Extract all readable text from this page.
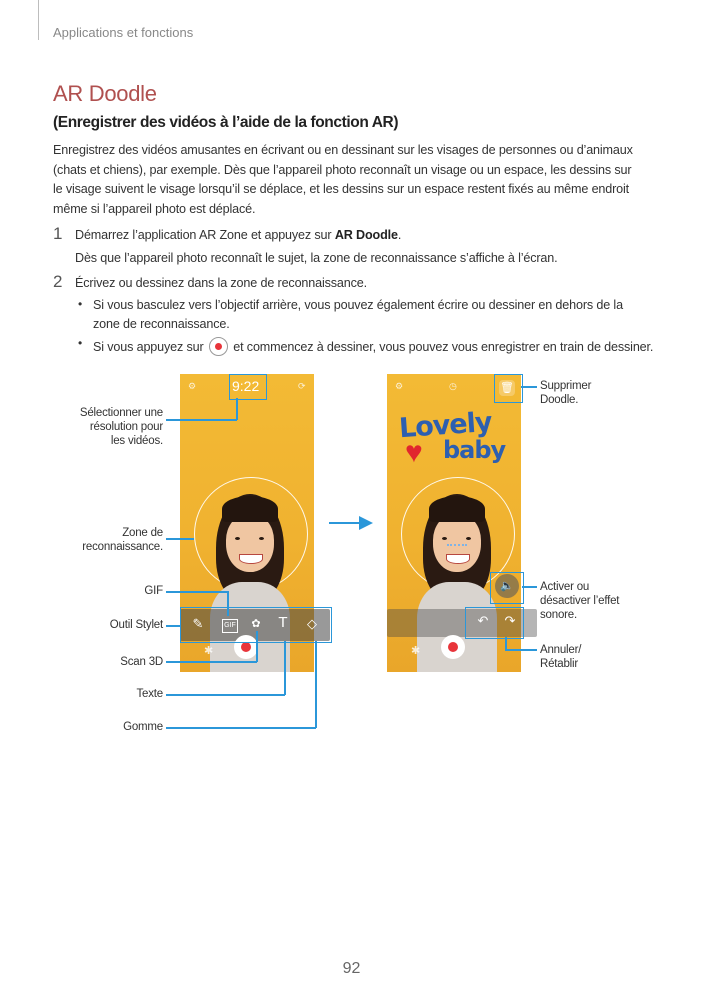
Applications et fonctions
AR Doodle
(Enregistrer des vidéos à l’aide de la fonction AR)

Enregistrez des vidéos amusantes en écrivant ou en dessinant sur les visages de personnes ou d’animaux

(chats et chiens), par exemple. Dès que l’appareil photo reconnaît un visage ou un espace, les dessins sur

le visage suivent le visage lorsqu’il se déplace, et les dessins sur un espace restent fixés au même endroit

même si l’appareil photo est déplacé.

1 Démarrez l’application AR Zone et appuyez sur AR Doodle.
Dès que l’appareil photo reconnaît le sujet, la zone de reconnaissance s’affiche à l’écran.
2 Écrivez ou dessinez dans la zone de reconnaissance.
• Si vous basculez vers l’objectif arrière, vous pouvez également écrire ou dessiner en dehors de la
zone de reconnaissance.
• Si vous appuyez sur  et commencez à dessiner, vous pouvez vous enregistrer en train de dessiner.
⚙	9:22	⟳
✎	GIF	✿ T ◇
✱
⚙	◷
Lovely
♥ baby
🗑
🔈
↶ ↷
✱
Sélectionner une
résolution pour
les vidéos.
Zone de
reconnaissance.
GIF
Outil Stylet
Scan 3D
Texte
Gomme
Supprimer
Doodle.
Activer ou
désactiver l’effet
sonore.
Annuler/
Rétablir
92
